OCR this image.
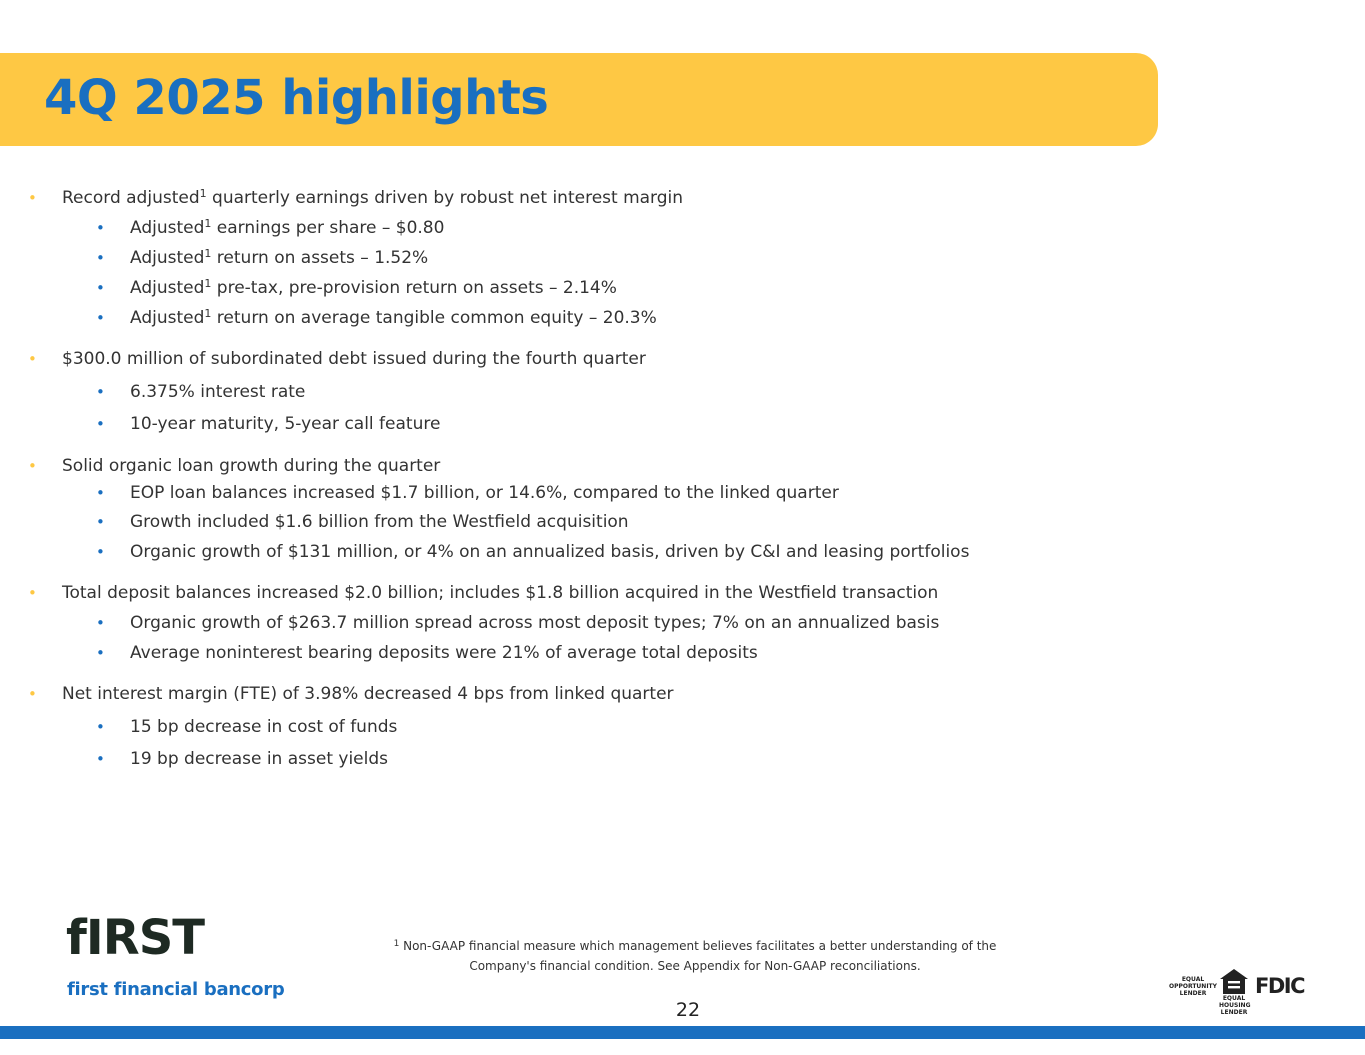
4Q 2025 highlights
• Record adjusted$^1$ quarterly earnings driven by robust net interest margin
• Adjusted$^1$ earnings per share – $0.80
• Adjusted$^1$ return on assets – 1.52%
• Adjusted$^1$ pre-tax, pre-provision return on assets – 2.14%
• Adjusted$^1$ return on average tangible common equity – 20.3%
• $300.0 million of subordinated debt issued during the fourth quarter
• 6.375% interest rate
• 10-year maturity, 5-year call feature
• Solid organic loan growth during the quarter
• EOP loan balances increased $1.7 billion, or 14.6%, compared to the linked quarter
• Growth included $1.6 billion from the Westfield acquisition
• Organic growth of $131 million, or 4% on an annualized basis, driven by C&I and leasing portfolios
• Total deposit balances increased $2.0 billion; includes $1.8 billion acquired in the Westfield transaction
• Organic growth of $263.7 million spread across most deposit types; 7% on an annualized basis
• Average noninterest bearing deposits were 21% of average total deposits
• Net interest margin (FTE) of 3.98% decreased 4 bps from linked quarter
• 15 bp decrease in cost of funds
• 19 bp decrease in asset yields
fIRST
first financial bancorp
$^1$ Non-GAAP financial measure which management believes facilitates a better understanding of the
Company's financial condition. See Appendix for Non-GAAP reconciliations.
22
EQUAL
OPPORTUNITY
LENDER
EQUAL HOUSING LENDER
FDIC
